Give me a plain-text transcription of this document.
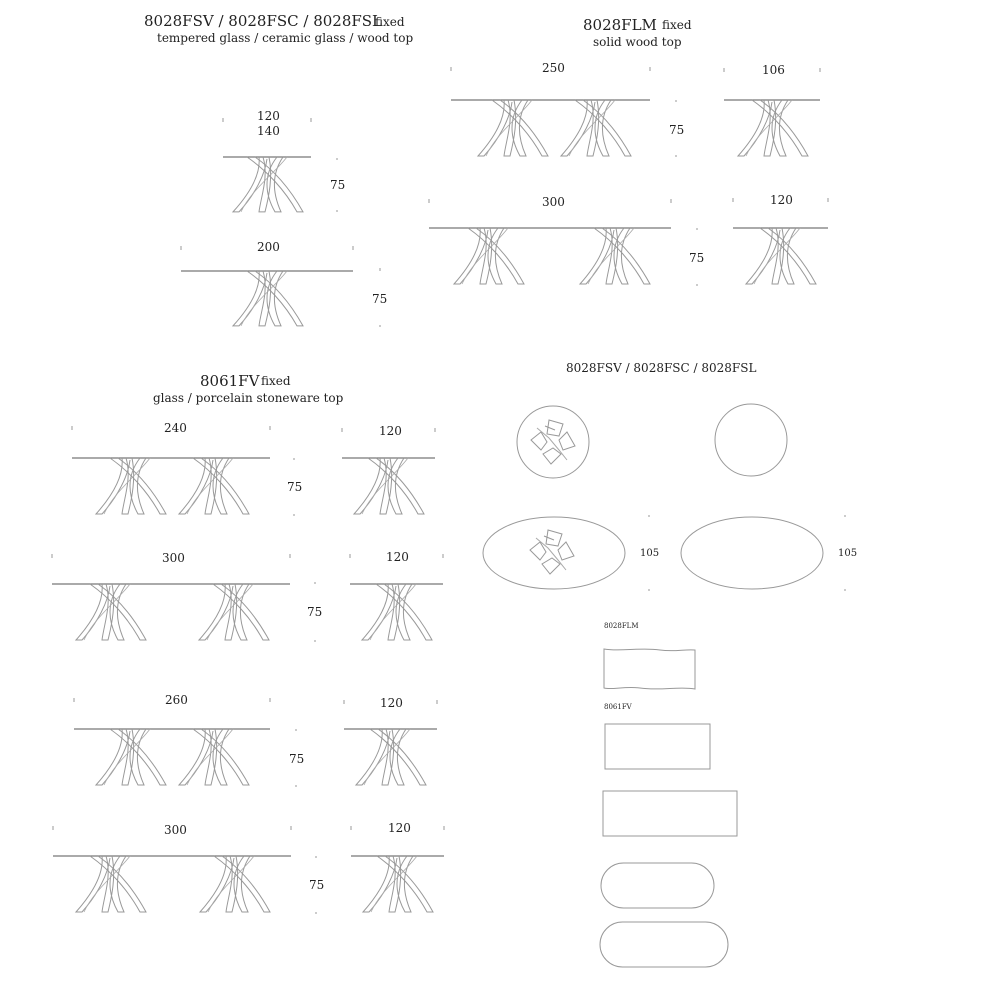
8028FSV / 8028FSC / 8028FSL
fixed
tempered glass / ceramic glass / wood top
120
140
75
200
75
8028FLM fixed
solid wood top
250	106
75
300	120
75
8061FV fixed
glass / porcelain stoneware top
240	120
75
300	120
75
260	120
75
300	120
75
8028FSV / 8028FSC / 8028FSL
105	105
8028FLM
8061FV
